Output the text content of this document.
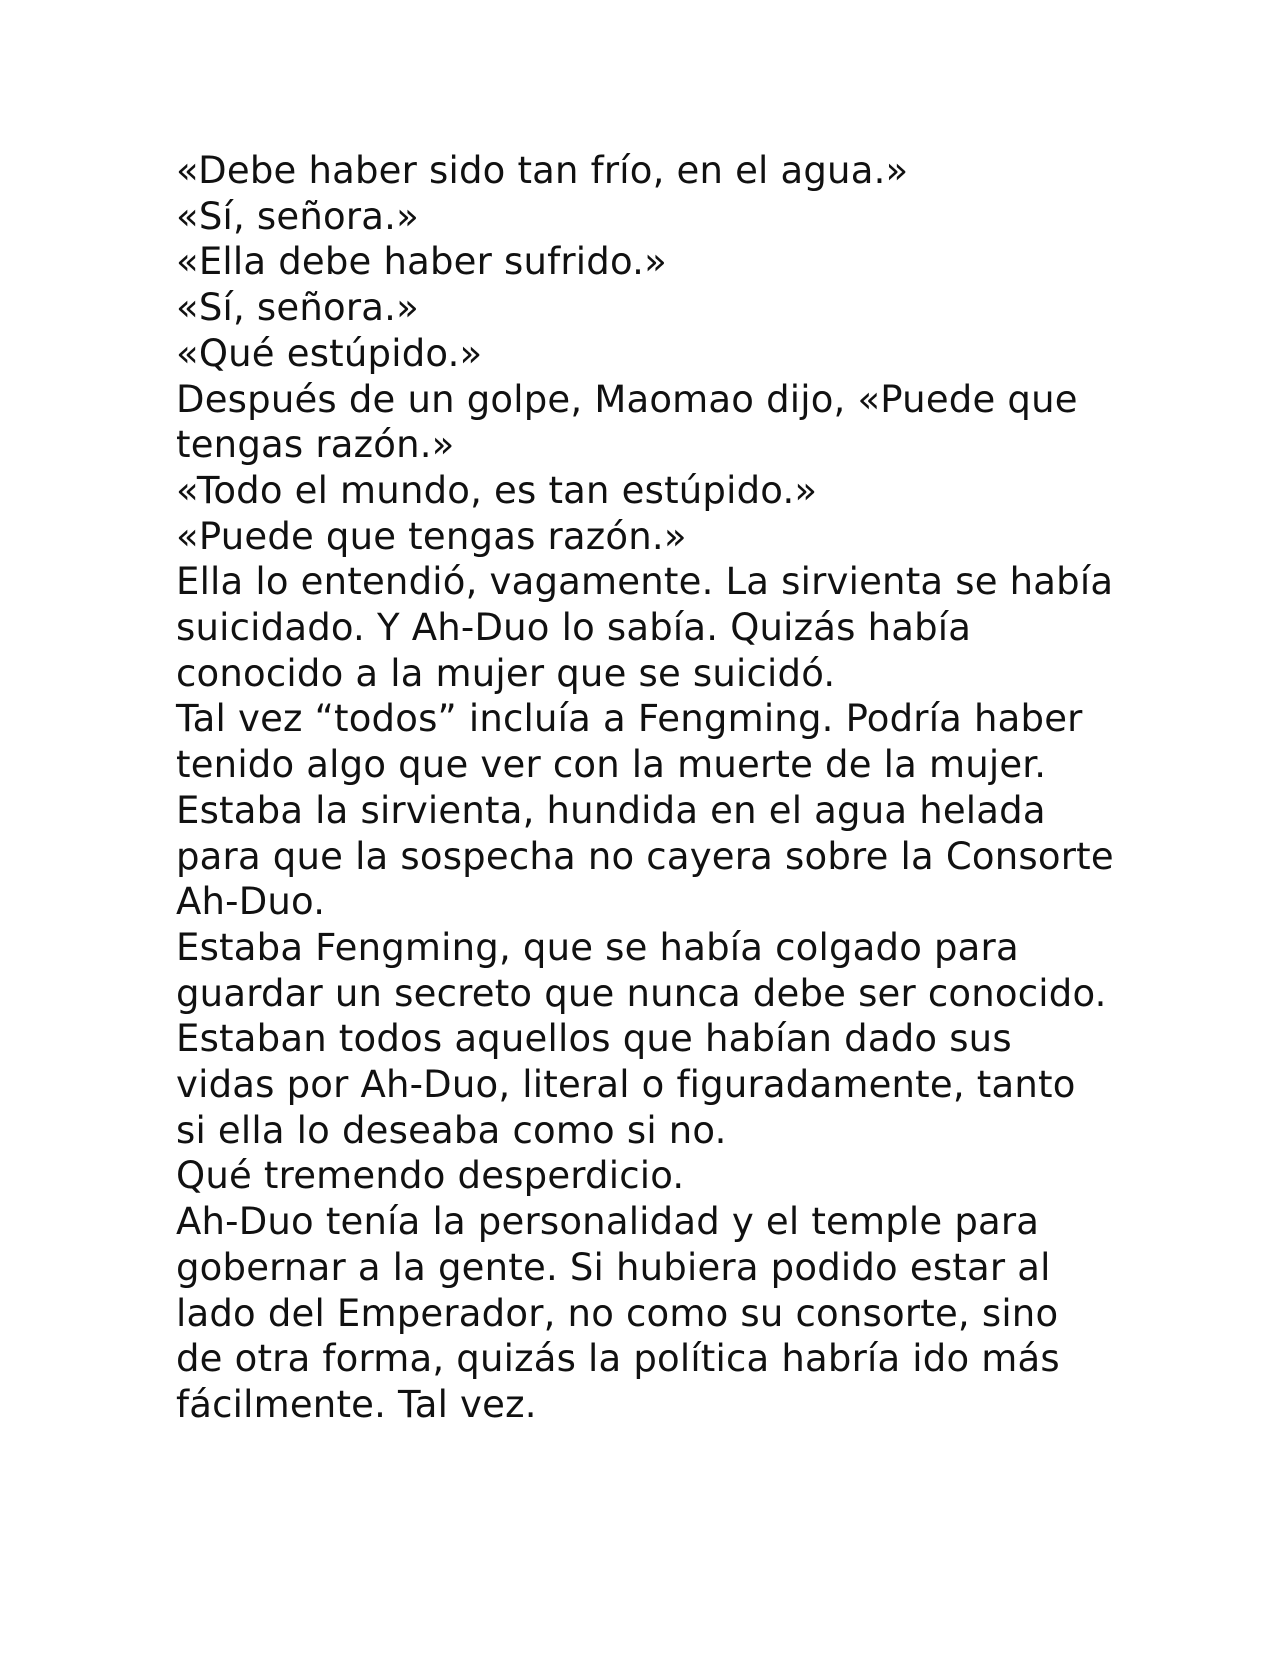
«Debe haber sido tan frío, en el agua.»

«Sí, señora.»

«Ella debe haber sufrido.»

«Sí, señora.»

«Qué estúpido.»

Después de un golpe, Maomao dijo, «Puede que tengas razón.»

«Todo el mundo, es tan estúpido.»

«Puede que tengas razón.»

Ella lo entendió, vagamente. La sirvienta se había suicidado. Y Ah-Duo lo sabía. Quizás había conocido a la mujer que se suicidó.

Tal vez “todos” incluía a Fengming. Podría haber tenido algo que ver con la muerte de la mujer.

Estaba la sirvienta, hundida en el agua helada para que la sospecha no cayera sobre la Consorte Ah-Duo.

Estaba Fengming, que se había colgado para guardar un secreto que nunca debe ser conocido.

Estaban todos aquellos que habían dado sus vidas por Ah-Duo, literal o figuradamente, tanto si ella lo deseaba como si no.

Qué tremendo desperdicio.

Ah-Duo tenía la personalidad y el temple para gobernar a la gente. Si hubiera podido estar al lado del Emperador, no como su consorte, sino de otra forma, quizás la política habría ido más fácilmente. Tal vez.
